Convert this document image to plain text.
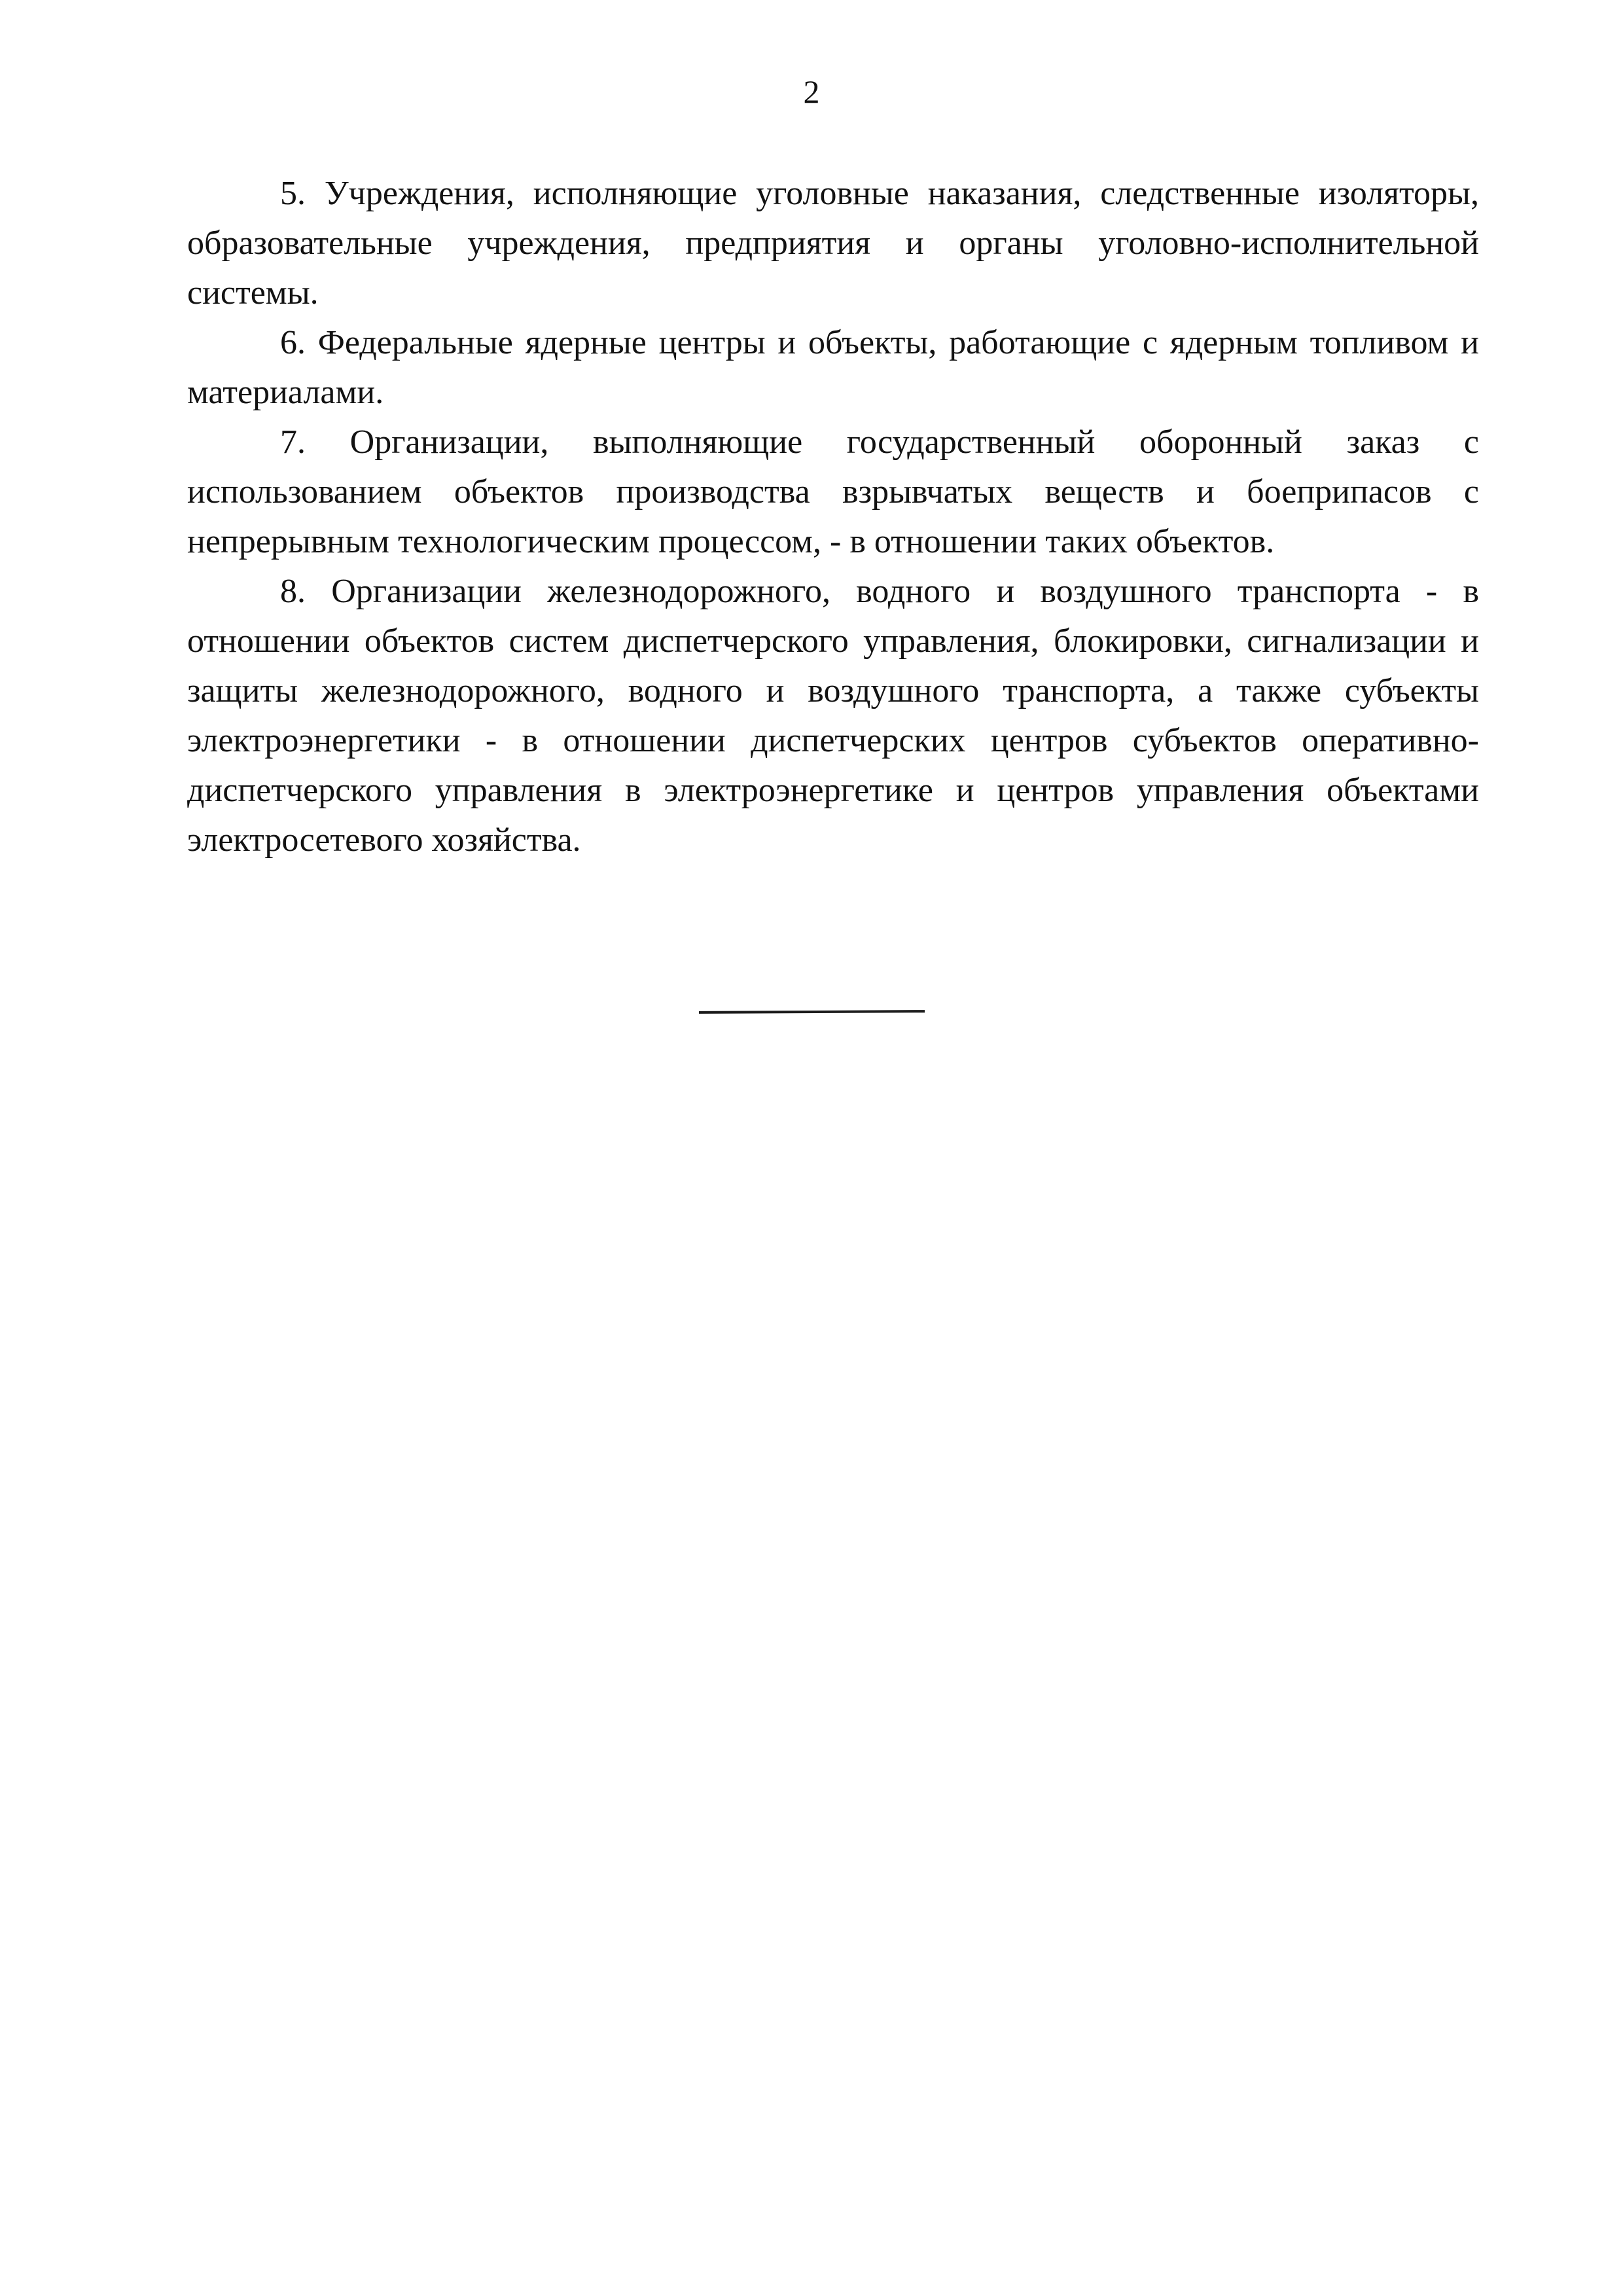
2

5. Учреждения, исполняющие уголовные наказания, следственные изоляторы, образовательные учреждения, предприятия и органы уголовно-исполнительной системы.

6. Федеральные ядерные центры и объекты, работающие с ядерным топливом и материалами.

7. Организации, выполняющие государственный оборонный заказ с использованием объектов производства взрывчатых веществ и боеприпасов с непрерывным технологическим процессом, - в отношении таких объектов.

8. Организации железнодорожного, водного и воздушного транспорта - в отношении объектов систем диспетчерского управления, блокировки, сигнализации и защиты железнодорожного, водного и воздушного транспорта, а также субъекты электроэнергетики - в отношении диспетчерских центров субъектов оперативно-диспетчерского управления в электроэнергетике и центров управления объектами электросетевого хозяйства.
